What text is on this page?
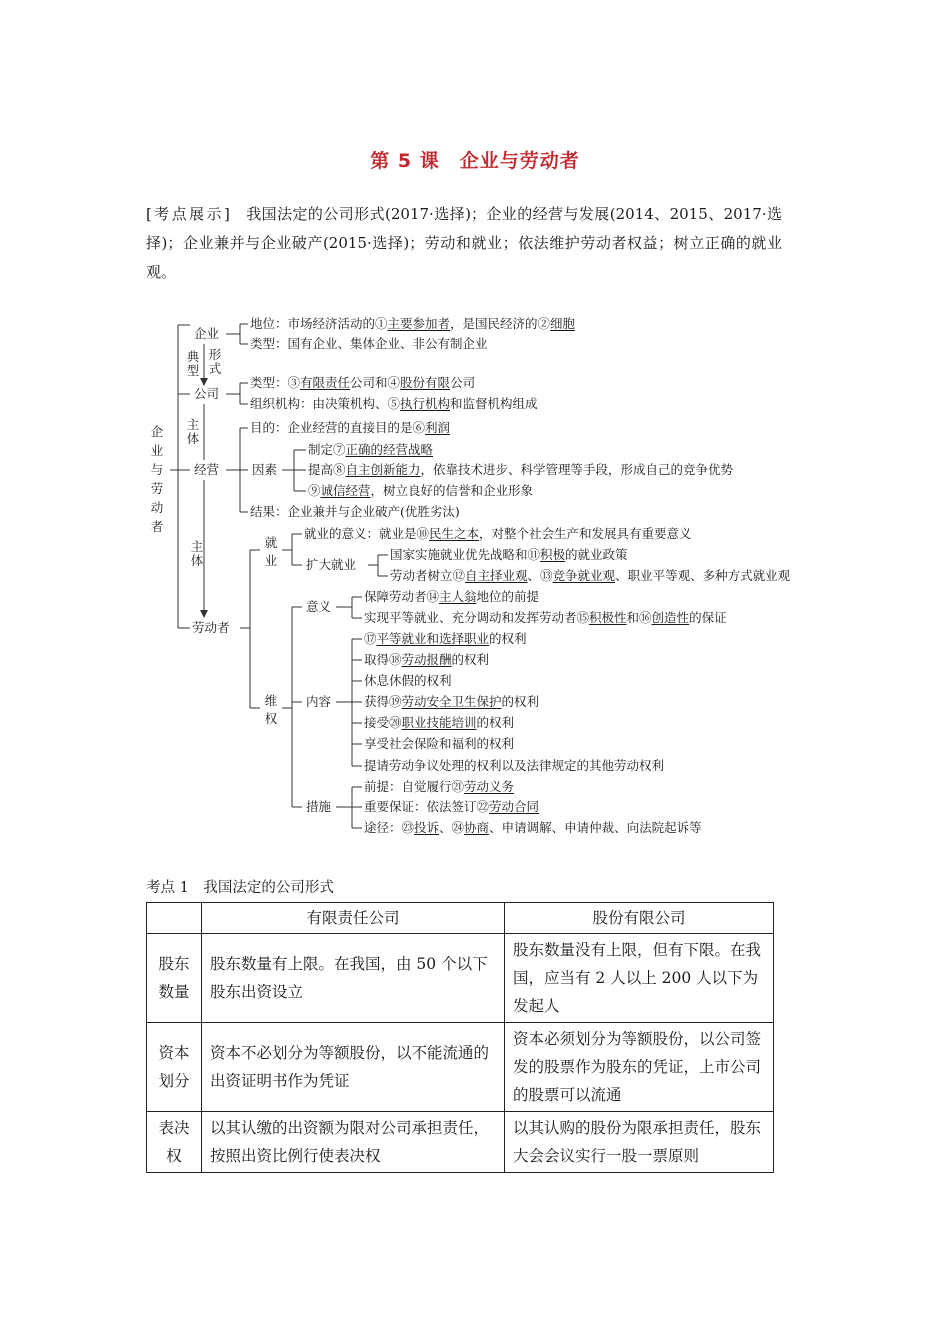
第 5 课　企业与劳动者
[考点展示] 我国法定的公司形式(2017·选择)；企业的经营与发展(2014、2015、2017·选择)；企业兼并与企业破产(2015·选择)；劳动和就业；依法维护劳动者权益；树立正确的就业观。
企业与劳动者
典型
形式
主体
主体
就业
维权
企业
公司
经营
劳动者
因素
扩大就业
意义
内容
措施
地位：市场经济活动的①主要参加者，是国民经济的②细胞
类型：国有企业、集体企业、非公有制企业
类型：③有限责任公司和④股份有限公司
组织机构：由决策机构、⑤执行机构和监督机构组成
目的：企业经营的直接目的是⑥利润
制定⑦正确的经营战略
提高⑧自主创新能力，依靠技术进步、科学管理等手段，形成自己的竞争优势
⑨诚信经营，树立良好的信誉和企业形象
结果：企业兼并与企业破产(优胜劣汰)
就业的意义：就业是⑩民生之本，对整个社会生产和发展具有重要意义
国家实施就业优先战略和⑪积极的就业政策
劳动者树立⑫自主择业观、⑬竞争就业观、职业平等观、多种方式就业观
保障劳动者⑭主人翁地位的前提
实现平等就业、充分调动和发挥劳动者⑮积极性和⑯创造性的保证
⑰平等就业和选择职业的权利
取得⑱劳动报酬的权利
休息休假的权利
获得⑲劳动安全卫生保护的权利
接受⑳职业技能培训的权利
享受社会保险和福利的权利
提请劳动争议处理的权利以及法律规定的其他劳动权利
前提：自觉履行㉑劳动义务
重要保证：依法签订㉒劳动合同
途径：㉓投诉、㉔协商、申请调解、申请仲裁、向法院起诉等
考点 1　我国法定的公司形式
	有限责任公司	股份有限公司
股东数量	股东数量有上限。在我国，由 50 个以下股东出资设立	股东数量没有上限，但有下限。在我国，应当有 2 人以上 200 人以下为发起人
资本划分	资本不必划分为等额股份，以不能流通的出资证明书作为凭证	资本必须划分为等额股份，以公司签发的股票作为股东的凭证，上市公司的股票可以流通
表决权	以其认缴的出资额为限对公司承担责任，按照出资比例行使表决权	以其认购的股份为限承担责任，股东大会会议实行一股一票原则
